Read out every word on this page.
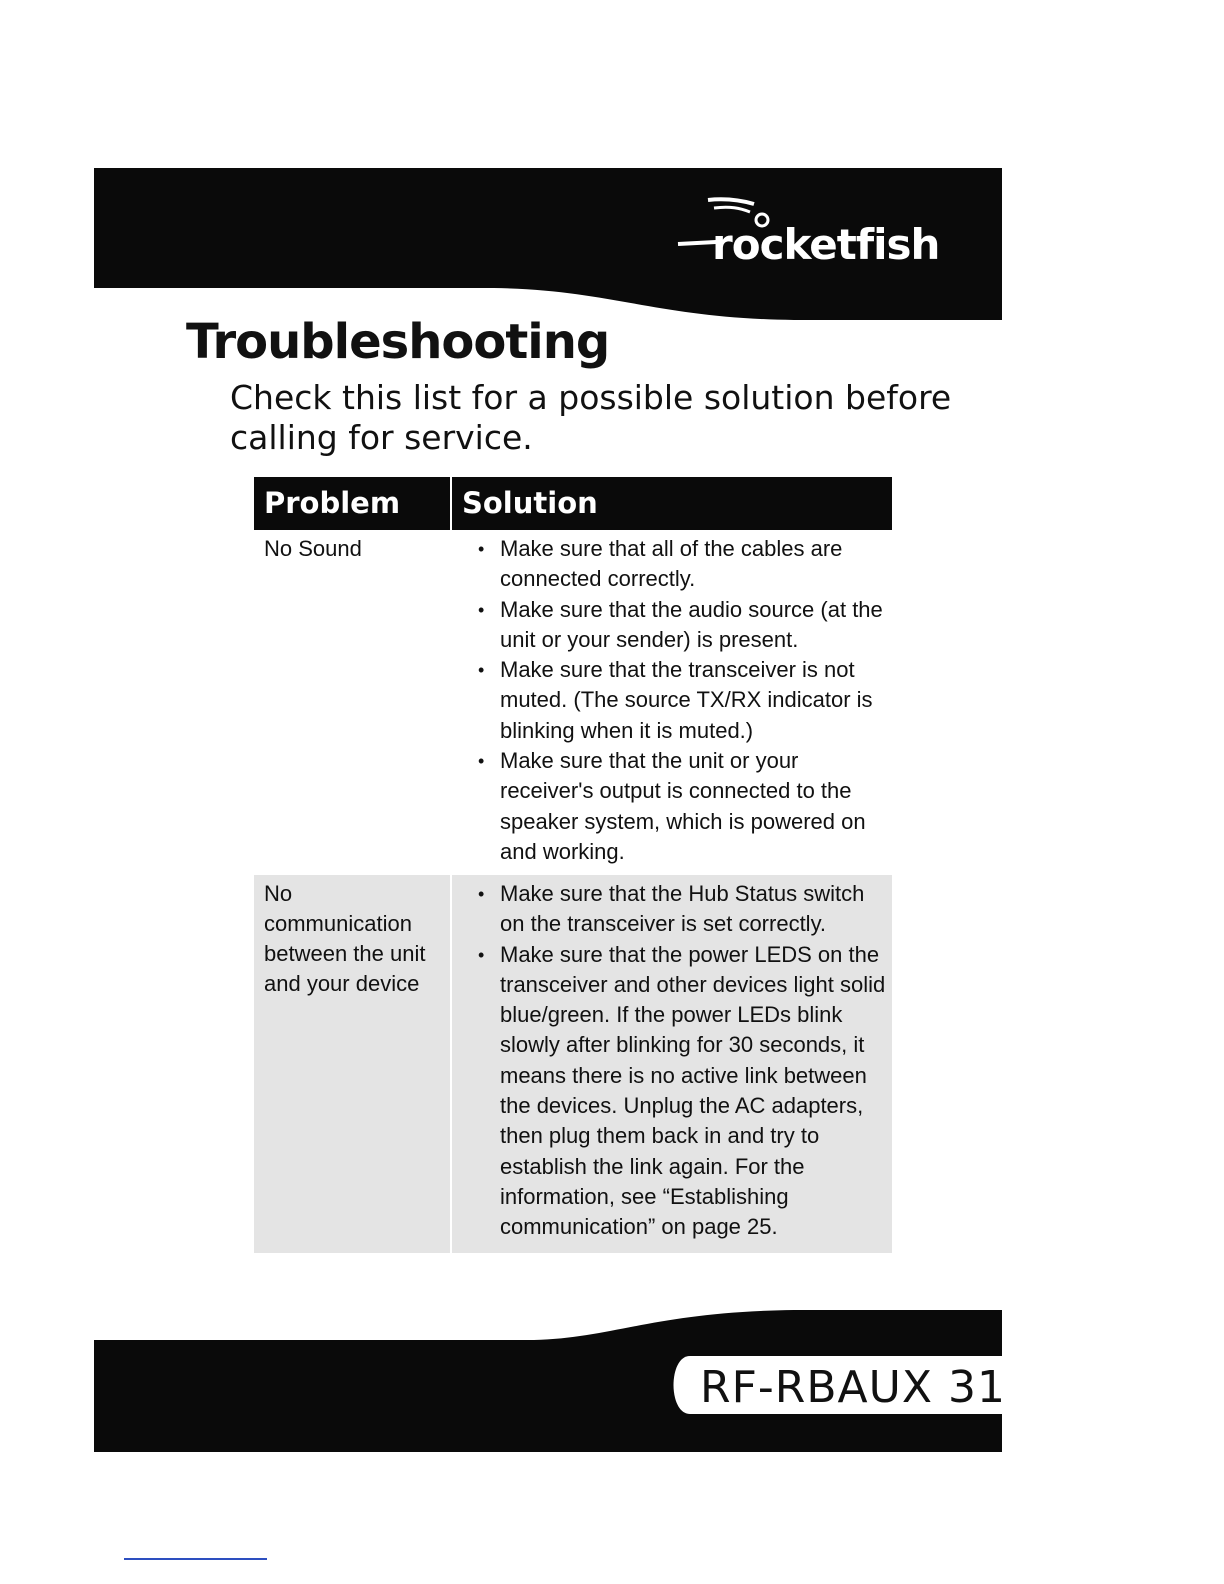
rocketfish
Troubleshooting
Check this list for a possible solution before calling for service.
Problem	Solution
No Sound	• Make sure that all of the cables are connected correctly.
• Make sure that the audio source (at the unit or your sender) is present.
• Make sure that the transceiver is not muted. (The source TX/RX indicator is blinking when it is muted.)
• Make sure that the unit or your receiver's output is connected to the speaker system, which is powered on and working.
No communication between the unit and your device
• Make sure that the Hub Status switch on the transceiver is set correctly.
• Make sure that the power LEDS on the transceiver and other devices light solid blue/green. If the power LEDs blink slowly after blinking for 30 seconds, it means there is no active link between the devices. Unplug the AC adapters, then plug them back in and try to establish the link again. For the information, see “Establishing communication” on page 25.
RF-RBAUX 31
